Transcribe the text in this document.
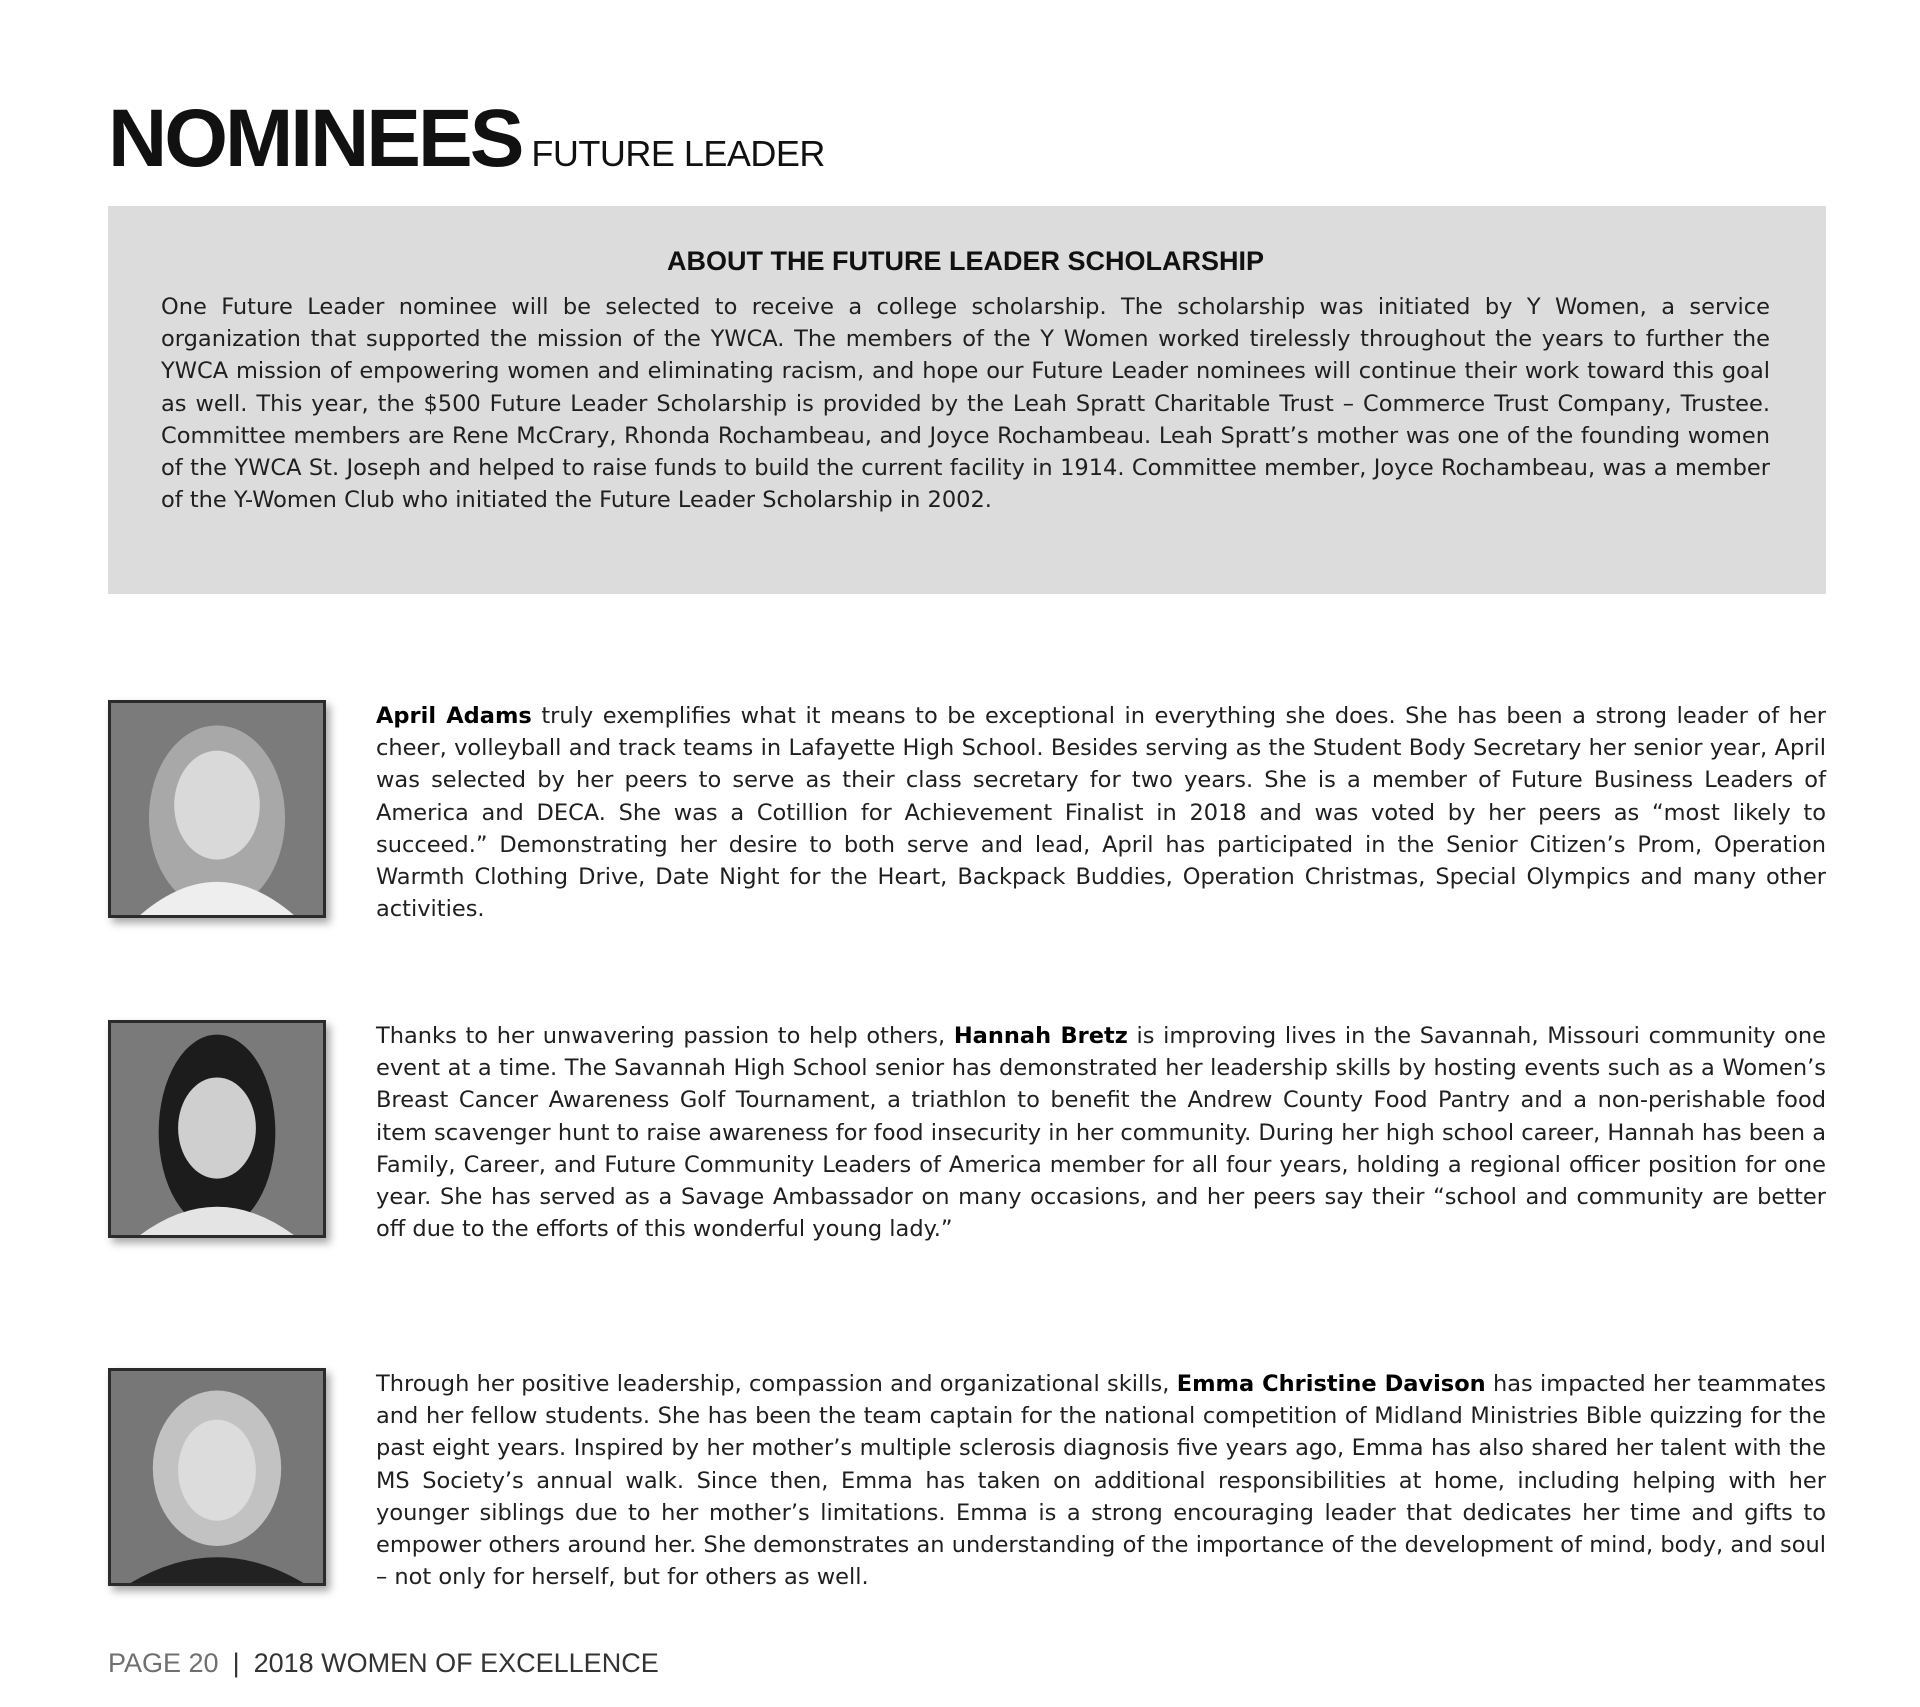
NOMINEES FUTURE LEADER
ABOUT THE FUTURE LEADER SCHOLARSHIP

One Future Leader nominee will be selected to receive a college scholarship. The scholarship was initiated by Y Women, a service organization that supported the mission of the YWCA. The members of the Y Women worked tirelessly throughout the years to further the YWCA mission of empowering women and eliminating racism, and hope our Future Leader nominees will continue their work toward this goal as well. This year, the $500 Future Leader Scholarship is provided by the Leah Spratt Charitable Trust – Commerce Trust Company, Trustee. Committee members are Rene McCrary, Rhonda Rochambeau, and Joyce Rochambeau. Leah Spratt’s mother was one of the founding women of the YWCA St. Joseph and helped to raise funds to build the current facility in 1914. Committee member, Joyce Rochambeau, was a member of the Y-Women Club who initiated the Future Leader Scholarship in 2002.

April Adams truly exemplifies what it means to be exceptional in everything she does. She has been a strong leader of her cheer, volleyball and track teams in Lafayette High School. Besides serving as the Student Body Secretary her senior year, April was selected by her peers to serve as their class secretary for two years. She is a member of Future Business Leaders of America and DECA. She was a Cotillion for Achievement Finalist in 2018 and was voted by her peers as “most likely to succeed.” Demonstrating her desire to both serve and lead, April has participated in the Senior Citizen’s Prom, Operation Warmth Clothing Drive, Date Night for the Heart, Backpack Buddies, Operation Christmas, Special Olympics and many other activities.

Thanks to her unwavering passion to help others, Hannah Bretz is improving lives in the Savannah, Missouri community one event at a time. The Savannah High School senior has demonstrated her leadership skills by hosting events such as a Women’s Breast Cancer Awareness Golf Tournament, a triathlon to benefit the Andrew County Food Pantry and a non-perishable food item scavenger hunt to raise awareness for food insecurity in her community. During her high school career, Hannah has been a Family, Career, and Future Community Leaders of America member for all four years, holding a regional officer position for one year. She has served as a Savage Ambassador on many occasions, and her peers say their “school and community are better off due to the efforts of this wonderful young lady.”

Through her positive leadership, compassion and organizational skills, Emma Christine Davison has impacted her teammates and her fellow students. She has been the team captain for the national competition of Midland Ministries Bible quizzing for the past eight years. Inspired by her mother’s multiple sclerosis diagnosis five years ago, Emma has also shared her talent with the MS Society’s annual walk. Since then, Emma has taken on additional responsibilities at home, including helping with her younger siblings due to her mother’s limitations. Emma is a strong encouraging leader that dedicates her time and gifts to empower others around her. She demonstrates an understanding of the importance of the development of mind, body, and soul – not only for herself, but for others as well.

PAGE 20 | 2018 WOMEN OF EXCELLENCE
